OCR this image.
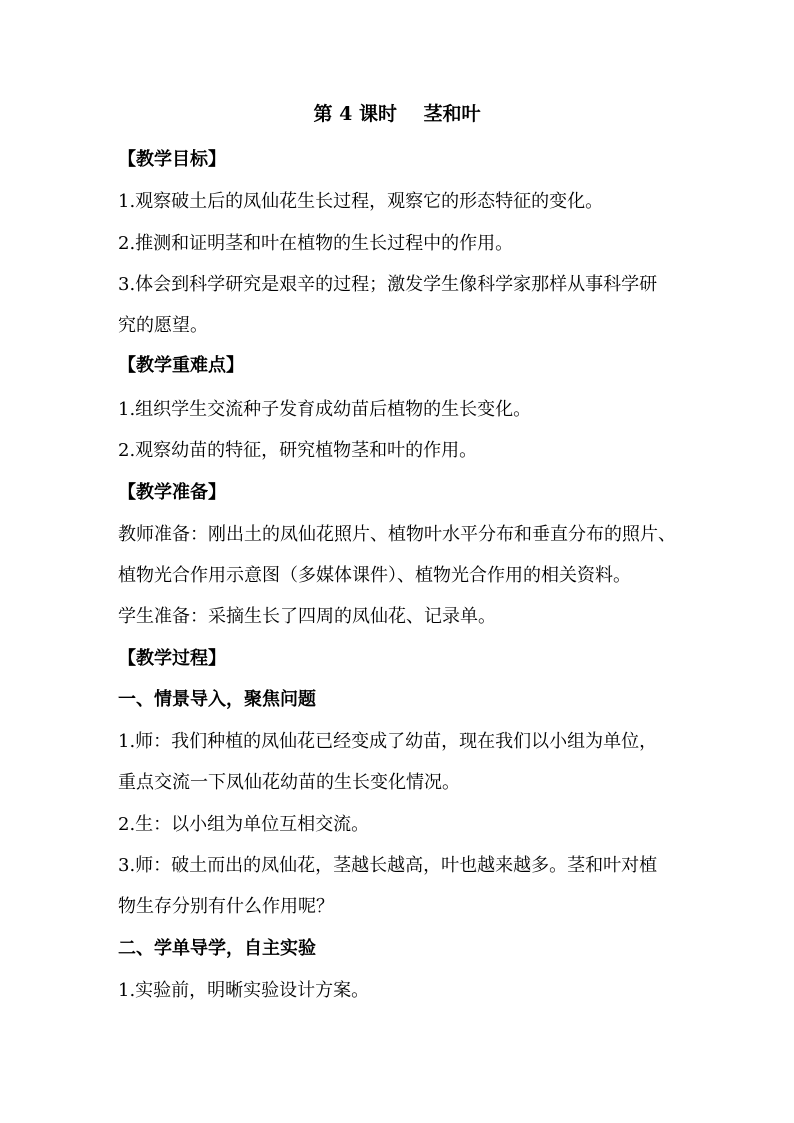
第 4 课时    茎和叶
【教学目标】
1.观察破土后的凤仙花生长过程，观察它的形态特征的变化。
2.推测和证明茎和叶在植物的生长过程中的作用。
3.体会到科学研究是艰辛的过程；激发学生像科学家那样从事科学研
究的愿望。
【教学重难点】
1.组织学生交流种子发育成幼苗后植物的生长变化。
2.观察幼苗的特征，研究植物茎和叶的作用。
【教学准备】
教师准备：刚出土的凤仙花照片、植物叶水平分布和垂直分布的照片、
植物光合作用示意图（多媒体课件）、植物光合作用的相关资料。
学生准备：采摘生长了四周的凤仙花、记录单。
【教学过程】
一、情景导入，聚焦问题
1.师：我们种植的凤仙花已经变成了幼苗，现在我们以小组为单位，
重点交流一下凤仙花幼苗的生长变化情况。
2.生：以小组为单位互相交流。
3.师：破土而出的凤仙花，茎越长越高，叶也越来越多。茎和叶对植
物生存分别有什么作用呢？
二、学单导学，自主实验
1.实验前，明晰实验设计方案。
